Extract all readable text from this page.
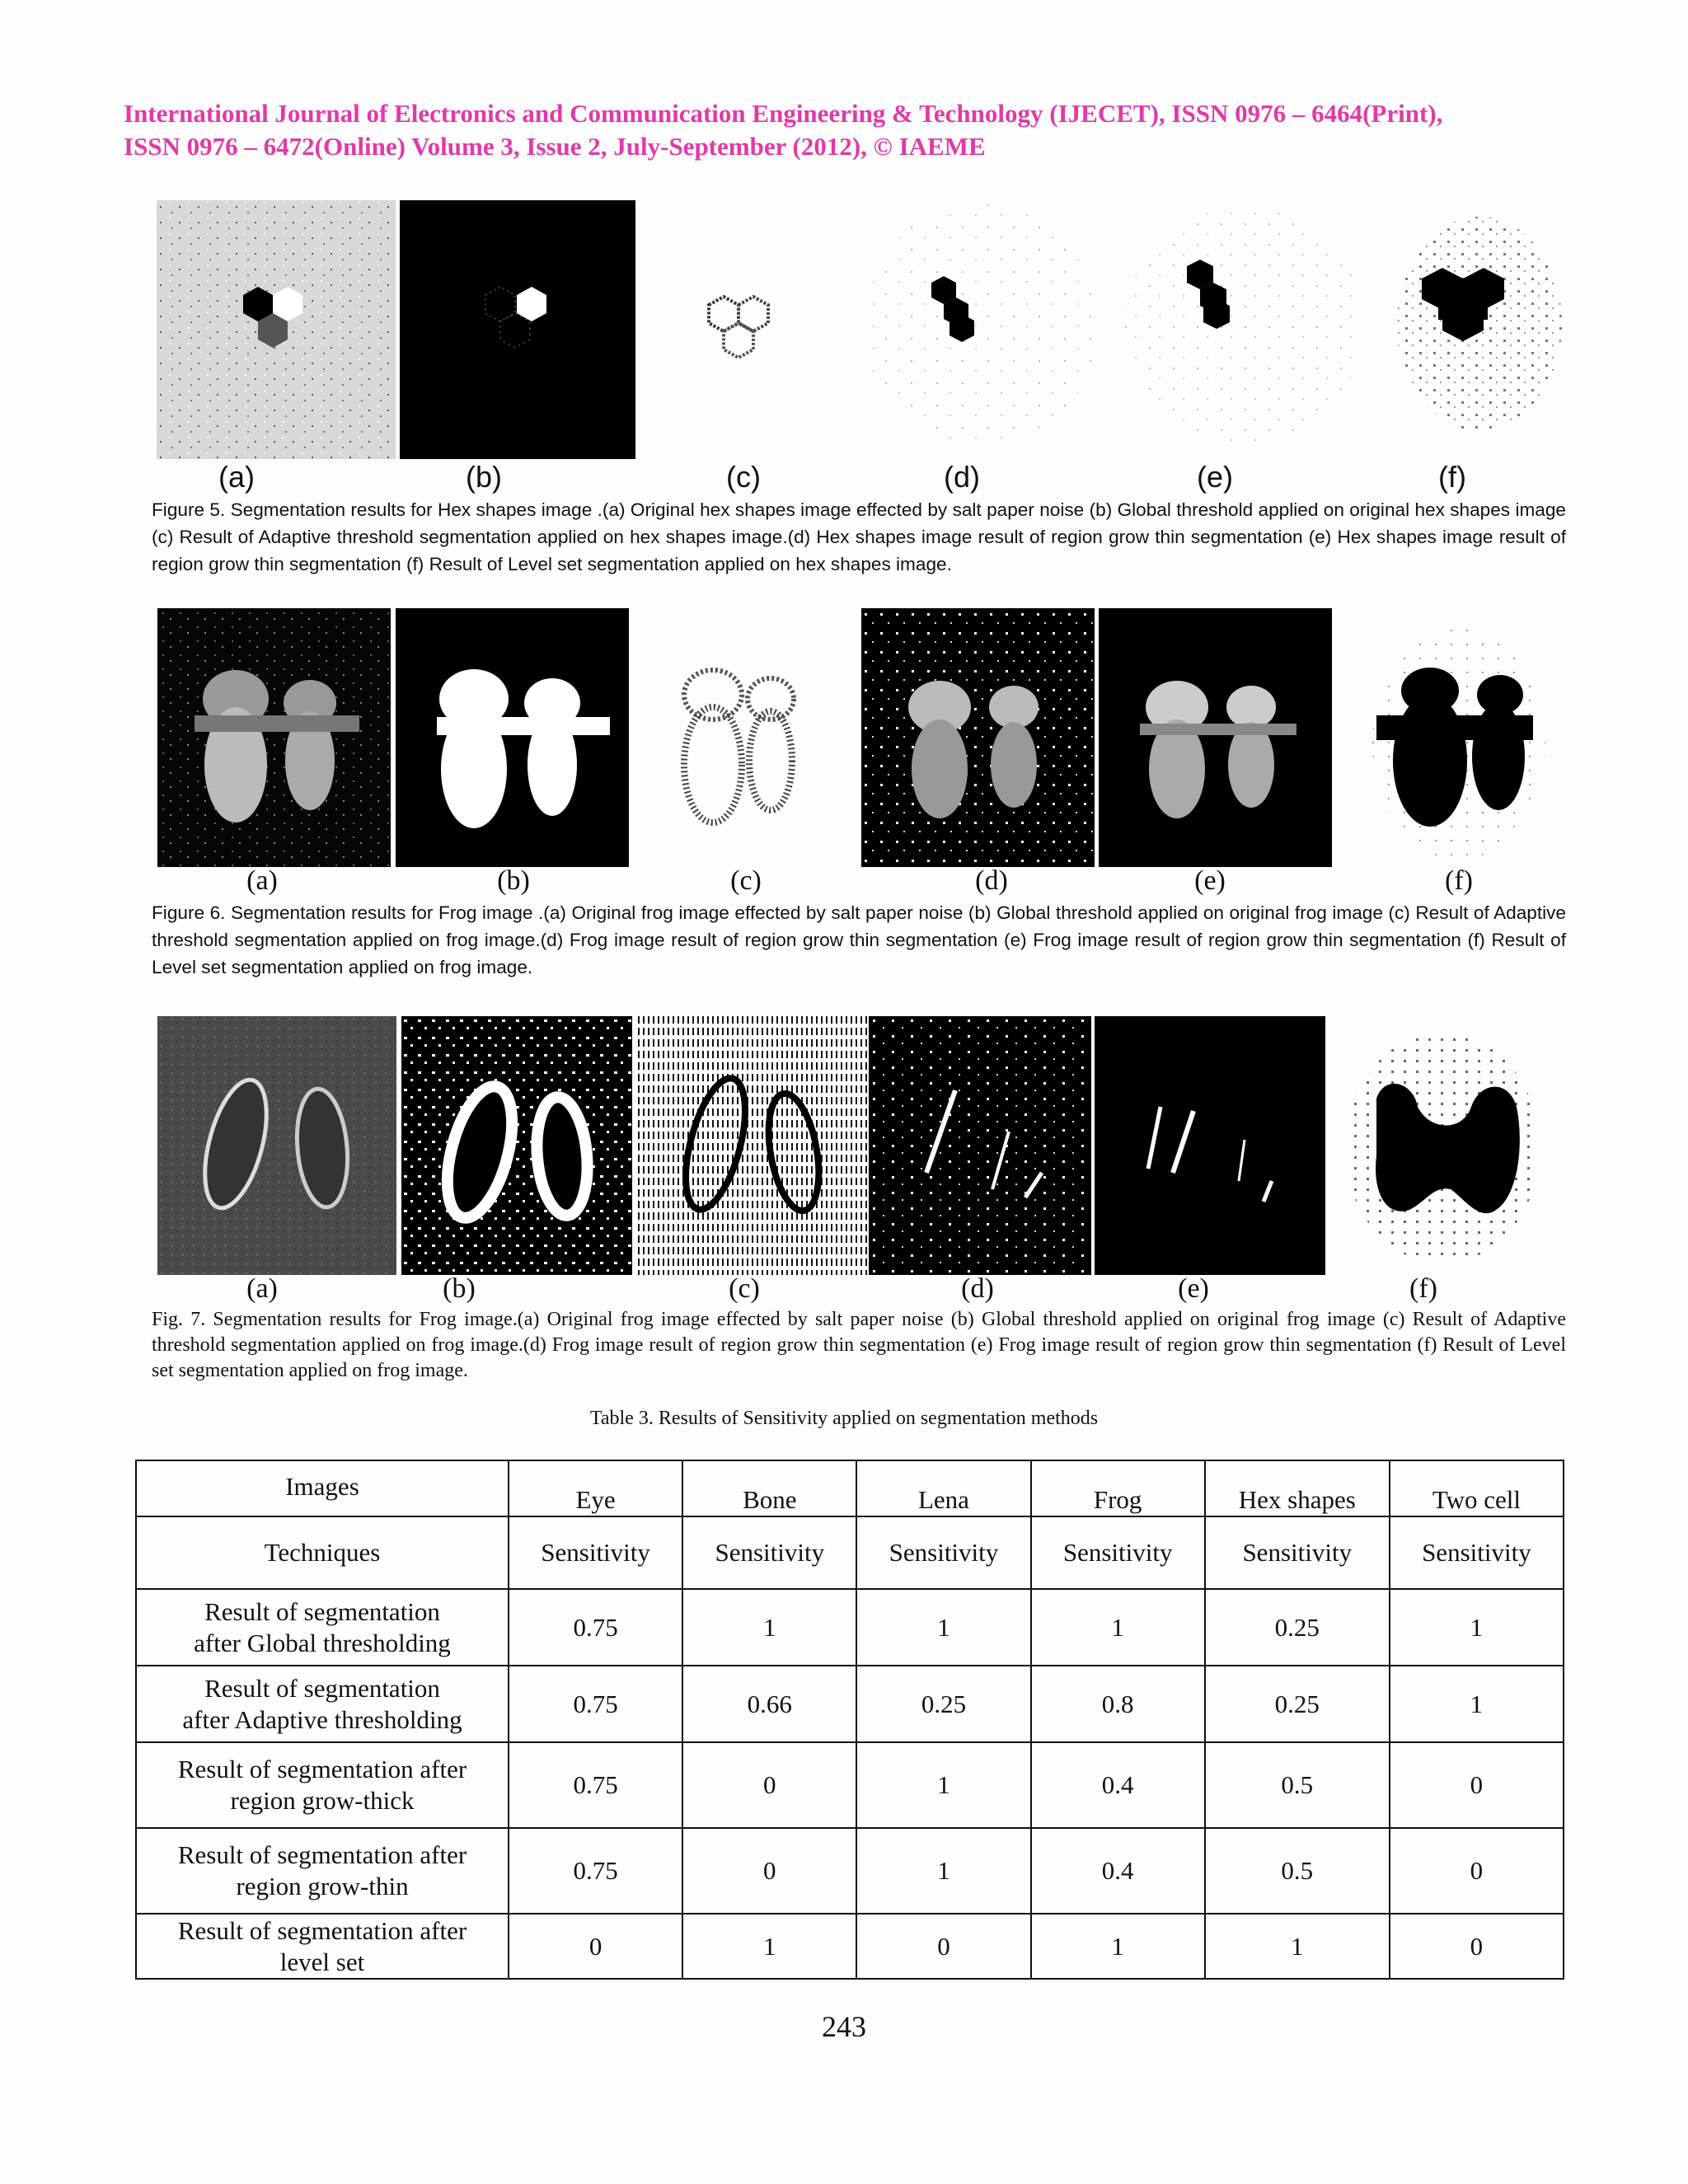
International Journal of Electronics and Communication Engineering & Technology (IJECET), ISSN 0976 – 6464(Print),
ISSN 0976 – 6472(Online) Volume 3, Issue 2, July-September (2012), © IAEME
(a)	(b)	(c)	(d)	(e)	(f)
Figure 5. Segmentation results for Hex shapes image .(a) Original hex shapes image effected by salt paper noise (b) Global threshold applied on original hex shapes image (c) Result of Adaptive threshold segmentation applied on hex shapes image.(d) Hex shapes image result of region grow thin segmentation (e) Hex shapes image result of region grow thin segmentation (f) Result of Level set segmentation applied on hex shapes image.
(a)	(b)	(c)	(d)	(e)	(f)
Figure 6. Segmentation results for Frog image .(a) Original frog image effected by salt paper noise (b) Global threshold applied on original frog image (c) Result of Adaptive threshold segmentation applied on frog image.(d) Frog image result of region grow thin segmentation (e) Frog image result of region grow thin segmentation (f) Result of Level set segmentation applied on frog image.
(a)	(b)	(c)	(d)	(e)	(f)
Fig. 7. Segmentation results for Frog image.(a) Original frog image effected by salt paper noise (b) Global threshold applied on original frog image (c) Result of Adaptive threshold segmentation applied on frog image.(d) Frog image result of region grow thin segmentation (e) Frog image result of region grow thin segmentation (f) Result of Level set segmentation applied on frog image.
Table 3. Results of Sensitivity applied on segmentation methods
Images	Eye	Bone	Lena	Frog	Hex shapes	Two cell
Techniques	Sensitivity	Sensitivity	Sensitivity	Sensitivity	Sensitivity	Sensitivity

Result of segmentation
after Global thresholding	0.75	1	1	1	0.25	1

Result of segmentation
after Adaptive thresholding	0.75	0.66	0.25	0.8	0.25	1

Result of segmentation after
region grow-thick	0.75	0	1	0.4	0.5	0

Result of segmentation after
region grow-thin	0.75	0	1	0.4	0.5	0

Result of segmentation after
level set	0	1	0	1	1	0
243
